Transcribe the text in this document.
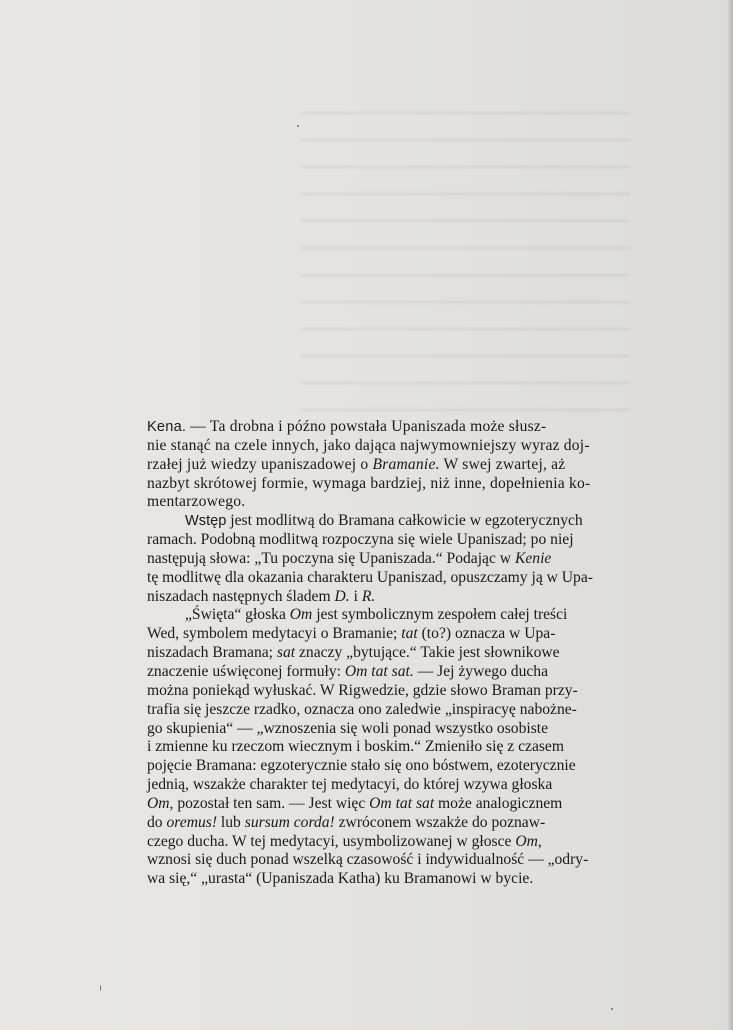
Kena. — Ta drobna i późno powstała Upaniszada może słusz-
nie stanąć na czele innych, jako dająca najwymowniejszy wyraz doj-
rzałej już wiedzy upaniszadowej o Bramanie. W swej zwartej, aż
nazbyt skrótowej formie, wymaga bardziej, niż inne, dopełnienia ko-
mentarzowego.

Wstęp jest modlitwą do Bramana całkowicie w egzoterycznych
ramach. Podobną modlitwą rozpoczyna się wiele Upaniszad; po niej
następują słowa: „Tu poczyna się Upaniszada.“ Podając w Kenie
tę modlitwę dla okazania charakteru Upaniszad, opuszczamy ją w Upa-
niszadach następnych śladem D. i R.

„Święta“ głoska Om jest symbolicznym zespołem całej treści
Wed, symbolem medytacyi o Bramanie; tat (to?) oznacza w Upa-
niszadach Bramana; sat znaczy „bytujące.“ Takie jest słownikowe
znaczenie uświęconej formuły: Om tat sat. — Jej żywego ducha
można poniekąd wyłuskać. W Rigwedzie, gdzie słowo Braman przy-
trafia się jeszcze rzadko, oznacza ono zaledwie „inspiracyę nabożne-
go skupienia“ — „wznoszenia się woli ponad wszystko osobiste
i zmienne ku rzeczom wiecznym i boskim.“ Zmieniło się z czasem
pojęcie Bramana: egzoterycznie stało się ono bóstwem, ezoterycznie
jednią, wszakże charakter tej medytacyi, do której wzywa głoska
Om, pozostał ten sam. — Jest więc Om tat sat może analogicznem
do oremus! lub sursum corda! zwróconem wszakże do poznaw-
czego ducha. W tej medytacyi, usymbolizowanej w głosce Om,
wznosi się duch ponad wszelką czasowość i indywidualność — „odry-
wa się,“ „urasta“ (Upaniszada Katha) ku Bramanowi w bycie.
